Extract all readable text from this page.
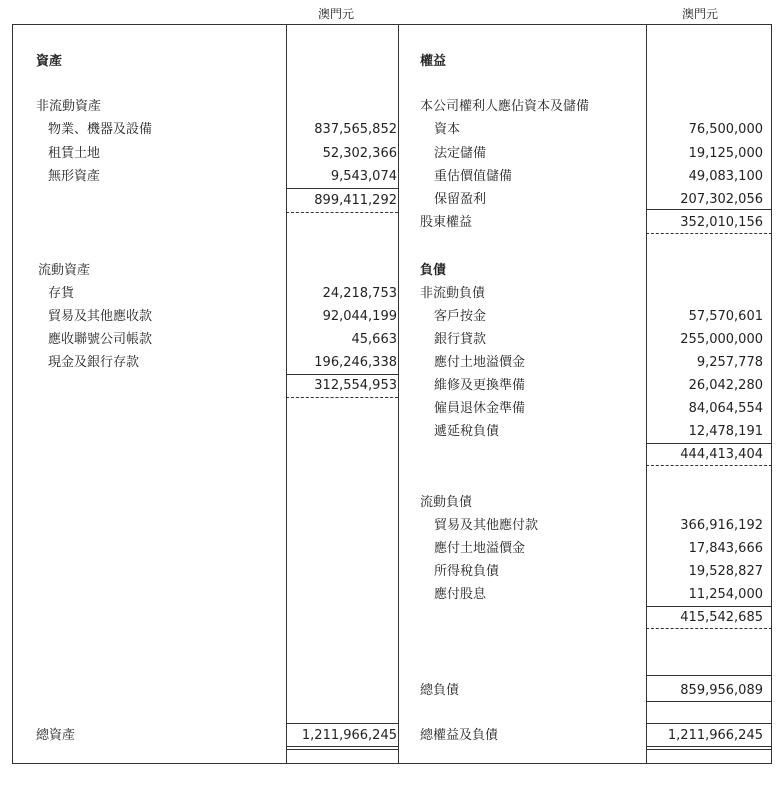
澳門元	澳門元
資產
非流動資產
物業、機器及設備	837,565,852
租賃土地	52,302,366
無形資產	9,543,074
899,411,292
流動資產
存貨	24,218,753
貿易及其他應收款	92,044,199
應收聯號公司帳款	45,663
現金及銀行存款	196,246,338
312,554,953
總資產	1,211,966,245
權益
本公司權利人應佔資本及儲備
資本	76,500,000
法定儲備	19,125,000
重估價值儲備	49,083,100
保留盈利	207,302,056
股東權益	352,010,156
負債
非流動負債
客戶按金	57,570,601
銀行貸款	255,000,000
應付土地溢價金	9,257,778
維修及更換準備	26,042,280
僱員退休金準備	84,064,554
遞延稅負債	12,478,191
444,413,404
流動負債
貿易及其他應付款	366,916,192
應付土地溢價金	17,843,666
所得稅負債	19,528,827
應付股息	11,254,000
415,542,685
總負債	859,956,089
總權益及負債	1,211,966,245
